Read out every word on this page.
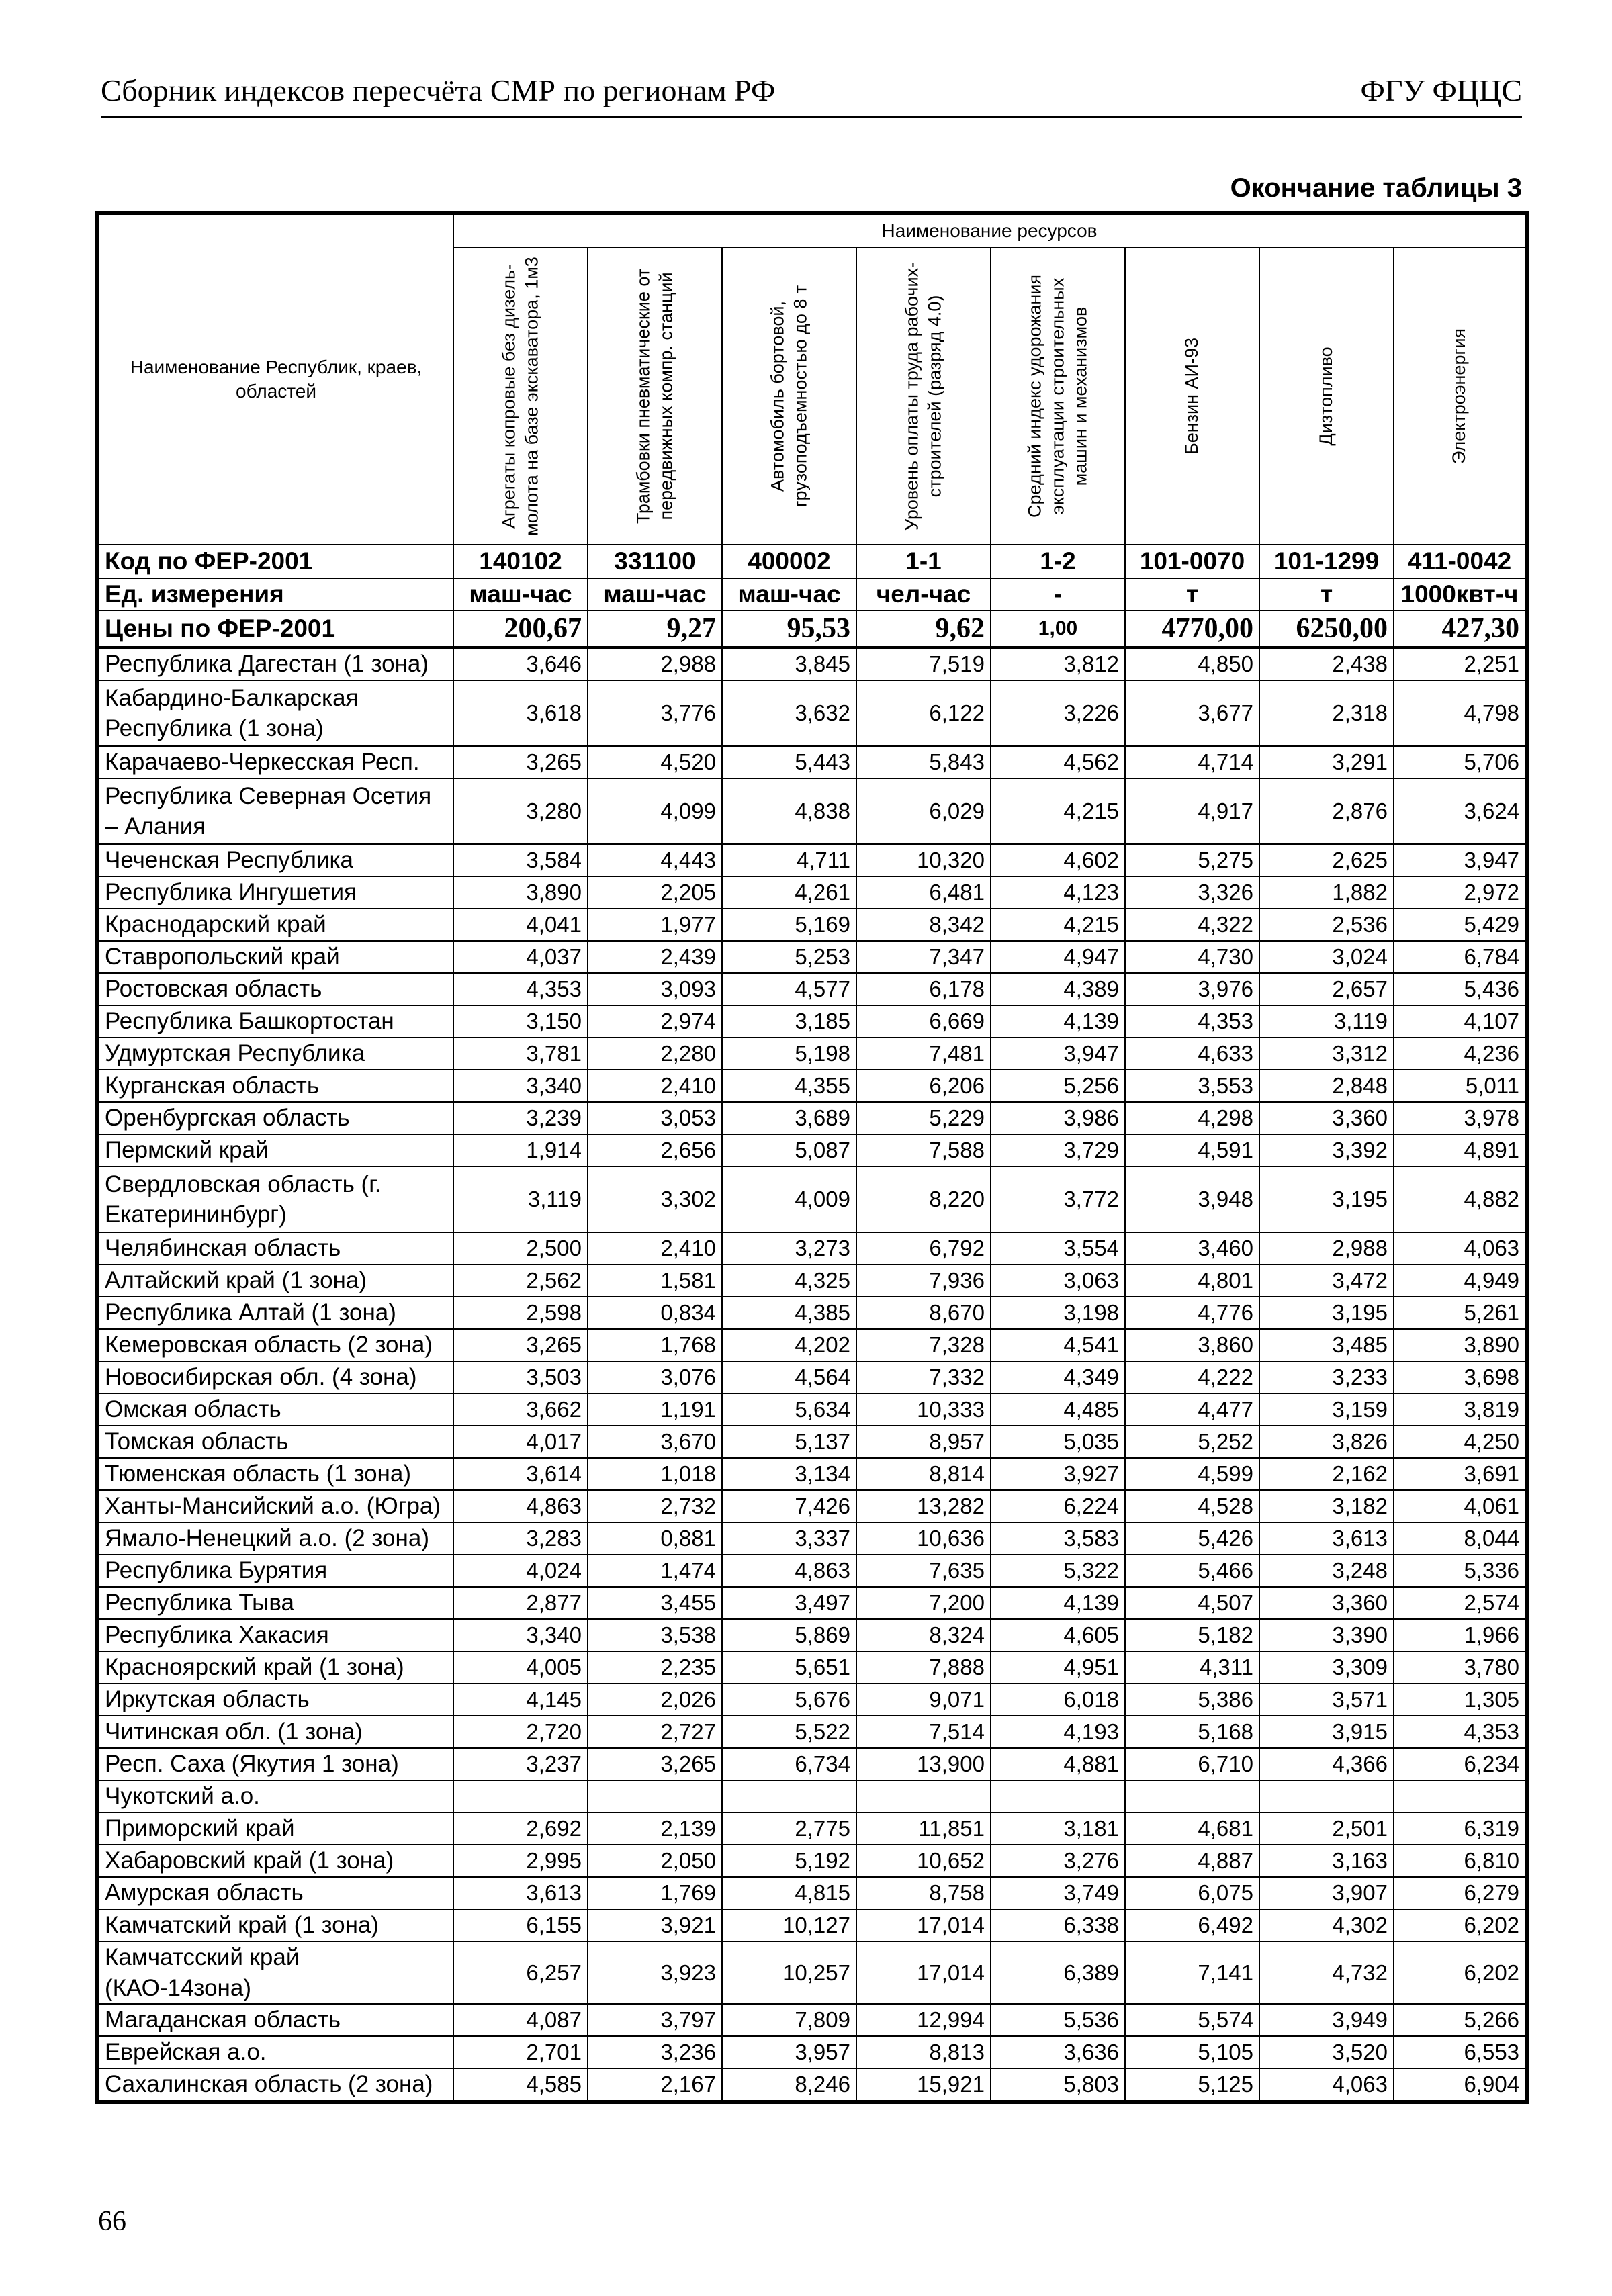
Сборник индексов пересчёта СМР по регионам РФ	ФГУ ФЦЦС
Окончание таблицы 3
Наименование Республик, краев, областей	Наименование ресурсов							

	Агрегаты копровые без дизель-молота на базе экскаватора, 1м3	Трамбовки пневматические от передвижных компр. станций	Автомобиль бортовой, грузоподъемностью до 8 т	Уровень оплаты труда рабочих-строителей (разряд 4.0)	Средний индекс удорожания эксплуатации строительных машин и механизмов	Бензин АИ-93	Дизтопливо	Электроэнергия

Код по ФЕР-2001	140102	331100	400002	1-1	1-2	101-0070	101-1299	411-0042
Ед. измерения	маш-час	маш-час	маш-час	чел-час	-	т	т	1000квт-ч
Цены по ФЕР-2001	200,67	9,27	95,53	9,62	1,00	4770,00	6250,00	427,30
Республика Дагестан (1 зона)	3,646	2,988	3,845	7,519	3,812	4,850	2,438	2,251
Кабардино-Балкарская Республика (1 зона)	3,618	3,776	3,632	6,122	3,226	3,677	2,318	4,798
Карачаево-Черкесская Респ.	3,265	4,520	5,443	5,843	4,562	4,714	3,291	5,706
Республика Северная Осетия – Алания	3,280	4,099	4,838	6,029	4,215	4,917	2,876	3,624
Чеченская Республика	3,584	4,443	4,711	10,320	4,602	5,275	2,625	3,947
Республика Ингушетия	3,890	2,205	4,261	6,481	4,123	3,326	1,882	2,972
Краснодарский край	4,041	1,977	5,169	8,342	4,215	4,322	2,536	5,429
Ставропольский край	4,037	2,439	5,253	7,347	4,947	4,730	3,024	6,784
Ростовская область	4,353	3,093	4,577	6,178	4,389	3,976	2,657	5,436
Республика Башкортостан	3,150	2,974	3,185	6,669	4,139	4,353	3,119	4,107
Удмуртская Республика	3,781	2,280	5,198	7,481	3,947	4,633	3,312	4,236
Курганская область	3,340	2,410	4,355	6,206	5,256	3,553	2,848	5,011
Оренбургская область	3,239	3,053	3,689	5,229	3,986	4,298	3,360	3,978
Пермский край	1,914	2,656	5,087	7,588	3,729	4,591	3,392	4,891
Свердловская область (г. Екатерининбург)	3,119	3,302	4,009	8,220	3,772	3,948	3,195	4,882
Челябинская область	2,500	2,410	3,273	6,792	3,554	3,460	2,988	4,063
Алтайский край (1 зона)	2,562	1,581	4,325	7,936	3,063	4,801	3,472	4,949
Республика Алтай (1 зона)	2,598	0,834	4,385	8,670	3,198	4,776	3,195	5,261
Кемеровская область (2 зона)	3,265	1,768	4,202	7,328	4,541	3,860	3,485	3,890
Новосибирская обл. (4 зона)	3,503	3,076	4,564	7,332	4,349	4,222	3,233	3,698
Омская область	3,662	1,191	5,634	10,333	4,485	4,477	3,159	3,819
Томская область	4,017	3,670	5,137	8,957	5,035	5,252	3,826	4,250
Тюменская область (1 зона)	3,614	1,018	3,134	8,814	3,927	4,599	2,162	3,691
Ханты-Мансийский а.о. (Югра)	4,863	2,732	7,426	13,282	6,224	4,528	3,182	4,061
Ямало-Ненецкий а.о. (2 зона)	3,283	0,881	3,337	10,636	3,583	5,426	3,613	8,044
Республика Бурятия	4,024	1,474	4,863	7,635	5,322	5,466	3,248	5,336
Республика Тыва	2,877	3,455	3,497	7,200	4,139	4,507	3,360	2,574
Республика Хакасия	3,340	3,538	5,869	8,324	4,605	5,182	3,390	1,966
Красноярский край (1 зона)	4,005	2,235	5,651	7,888	4,951	4,311	3,309	3,780
Иркутская область	4,145	2,026	5,676	9,071	6,018	5,386	3,571	1,305
Читинская обл. (1 зона)	2,720	2,727	5,522	7,514	4,193	5,168	3,915	4,353
Респ. Саха (Якутия 1 зона)	3,237	3,265	6,734	13,900	4,881	6,710	4,366	6,234
Чукотский а.о.								
Приморский край	2,692	2,139	2,775	11,851	3,181	4,681	2,501	6,319
Хабаровский край (1 зона)	2,995	2,050	5,192	10,652	3,276	4,887	3,163	6,810
Амурская область	3,613	1,769	4,815	8,758	3,749	6,075	3,907	6,279
Камчатский край (1 зона)	6,155	3,921	10,127	17,014	6,338	6,492	4,302	6,202
Камчатсский край (КАО-14зона)	6,257	3,923	10,257	17,014	6,389	7,141	4,732	6,202
Магаданская область	4,087	3,797	7,809	12,994	5,536	5,574	3,949	5,266
Еврейская а.о.	2,701	3,236	3,957	8,813	3,636	5,105	3,520	6,553
Сахалинская область (2 зона)	4,585	2,167	8,246	15,921	5,803	5,125	4,063	6,904
66
